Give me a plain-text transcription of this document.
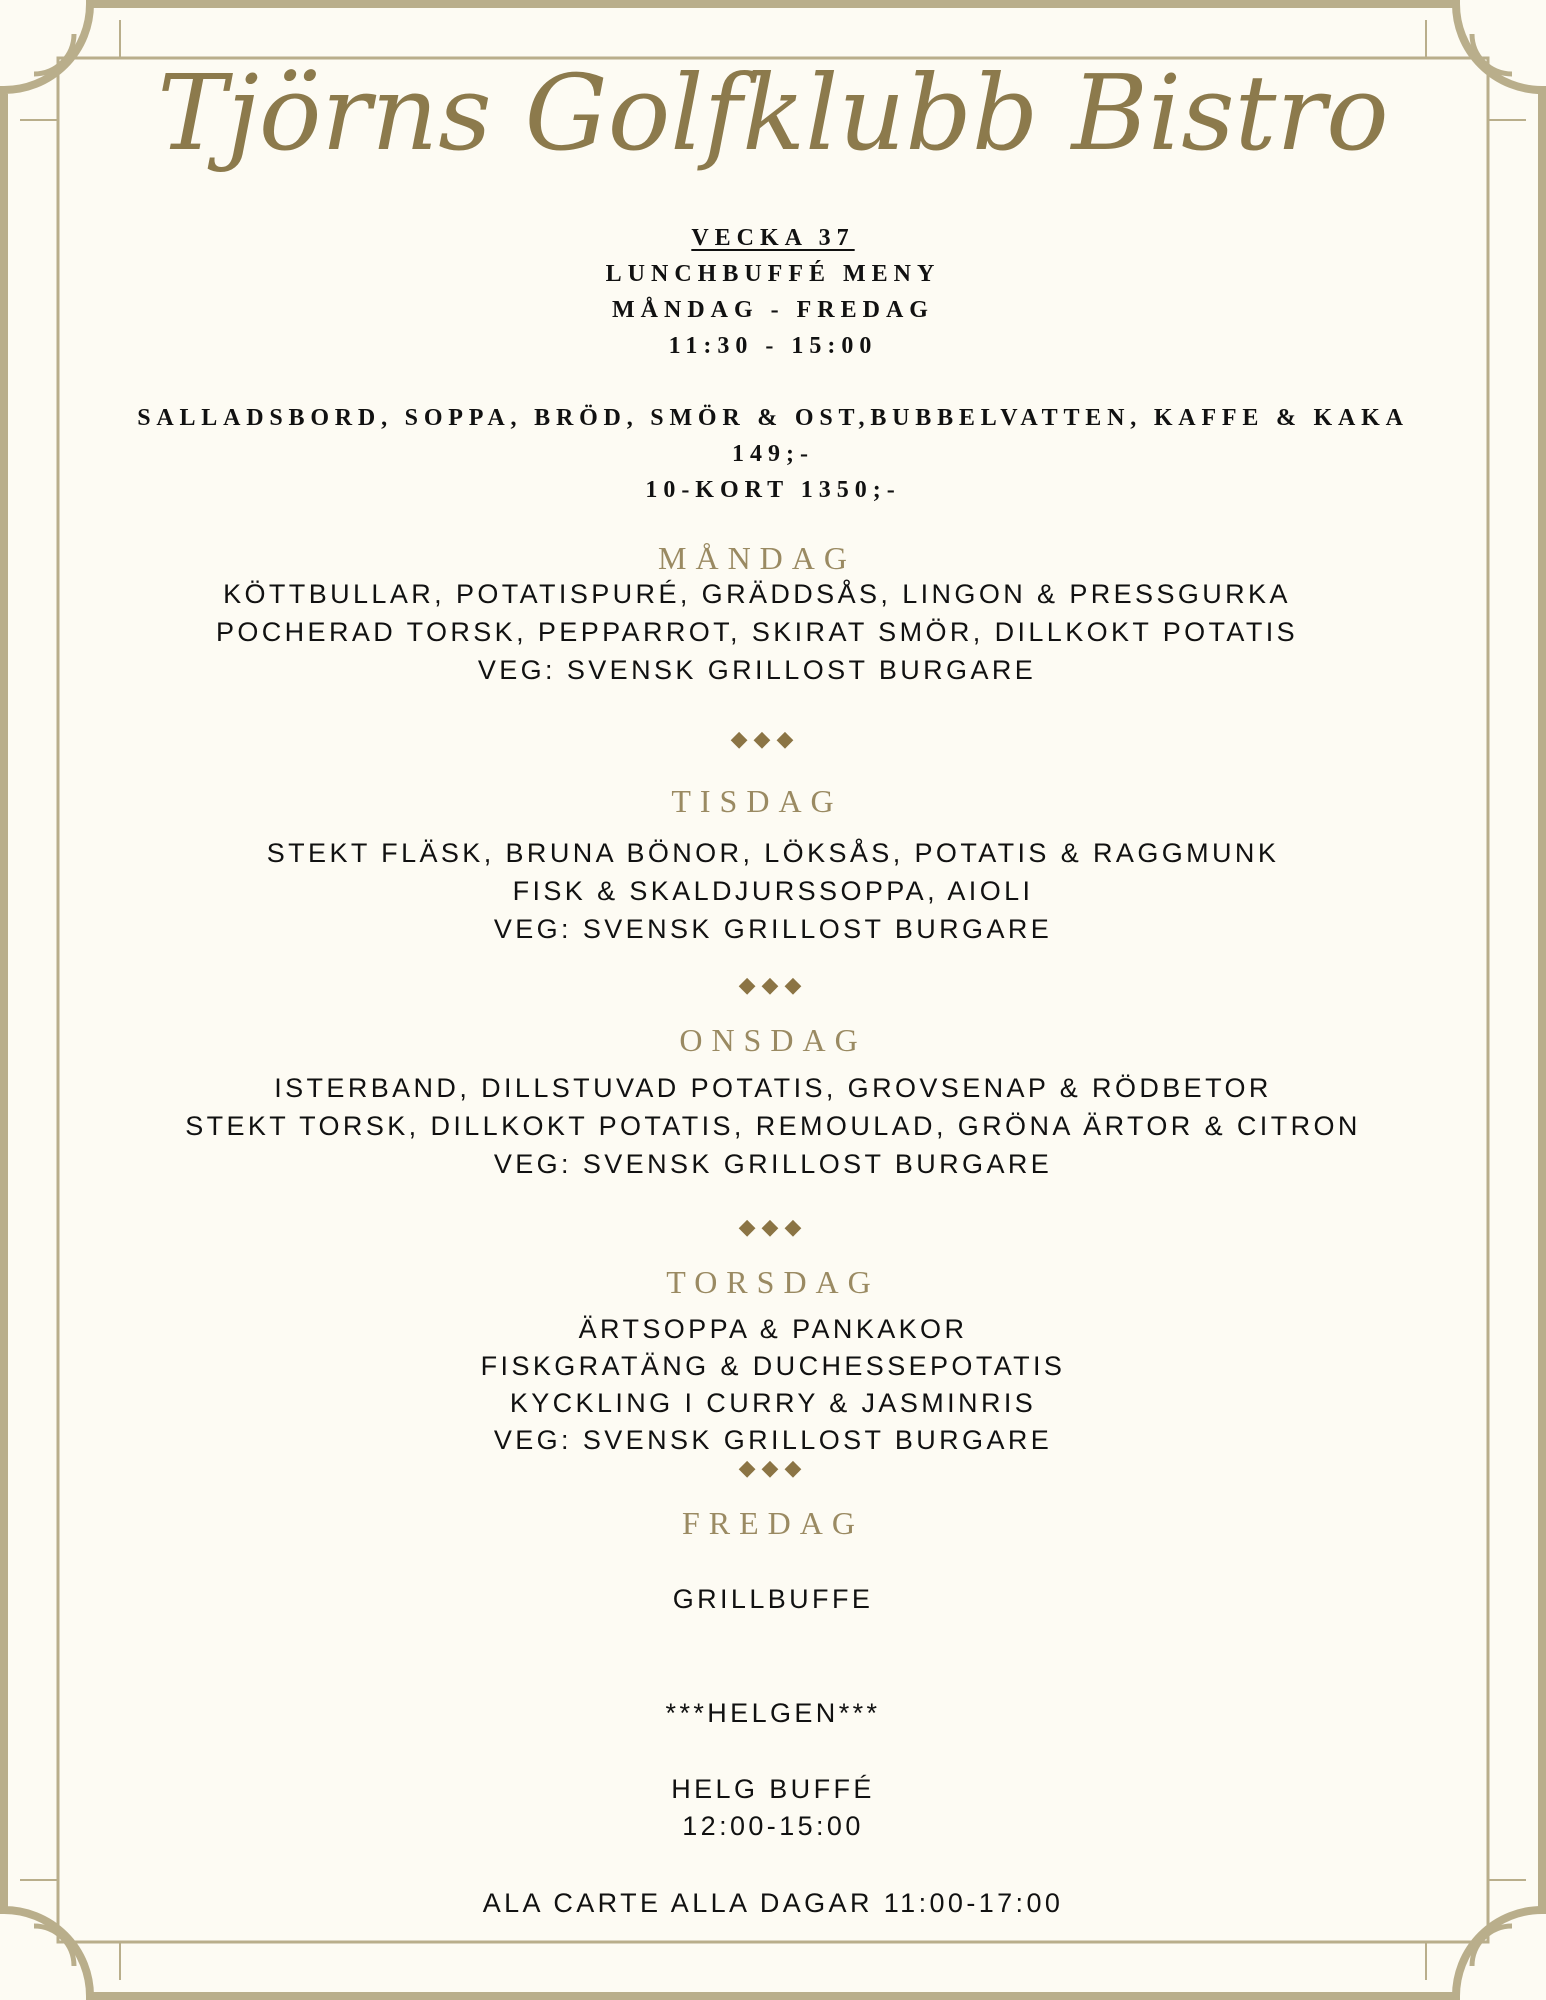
Tjörns Golfklubb Bistro
VECKA 37
LUNCHBUFFÉ MENY
MÅNDAG - FREDAG
11:30 - 15:00
SALLADSBORD, SOPPA, BRÖD, SMÖR & OST,BUBBELVATTEN, KAFFE & KAKA
149;-
10-KORT 1350;-
MÅNDAG
KÖTTBULLAR, POTATISPURÉ, GRÄDDSÅS, LINGON & PRESSGURKA
POCHERAD TORSK, PEPPARROT, SKIRAT SMÖR, DILLKOKT POTATIS
VEG: SVENSK GRILLOST BURGARE
◆◆◆
TISDAG
STEKT FLÄSK, BRUNA BÖNOR, LÖKSÅS, POTATIS & RAGGMUNK
FISK & SKALDJURSSOPPA, AIOLI
VEG: SVENSK GRILLOST BURGARE
◆◆◆
ONSDAG
ISTERBAND, DILLSTUVAD POTATIS, GROVSENAP & RÖDBETOR
STEKT TORSK, DILLKOKT POTATIS, REMOULAD, GRÖNA ÄRTOR & CITRON
VEG: SVENSK GRILLOST BURGARE
◆◆◆
TORSDAG
ÄRTSOPPA & PANKAKOR
FISKGRATÄNG & DUCHESSEPOTATIS
KYCKLING I CURRY & JASMINRIS
VEG: SVENSK GRILLOST BURGARE
◆◆◆
FREDAG
GRILLBUFFE
***HELGEN***
HELG BUFFÉ
12:00-15:00
ALA CARTE ALLA DAGAR 11:00-17:00
